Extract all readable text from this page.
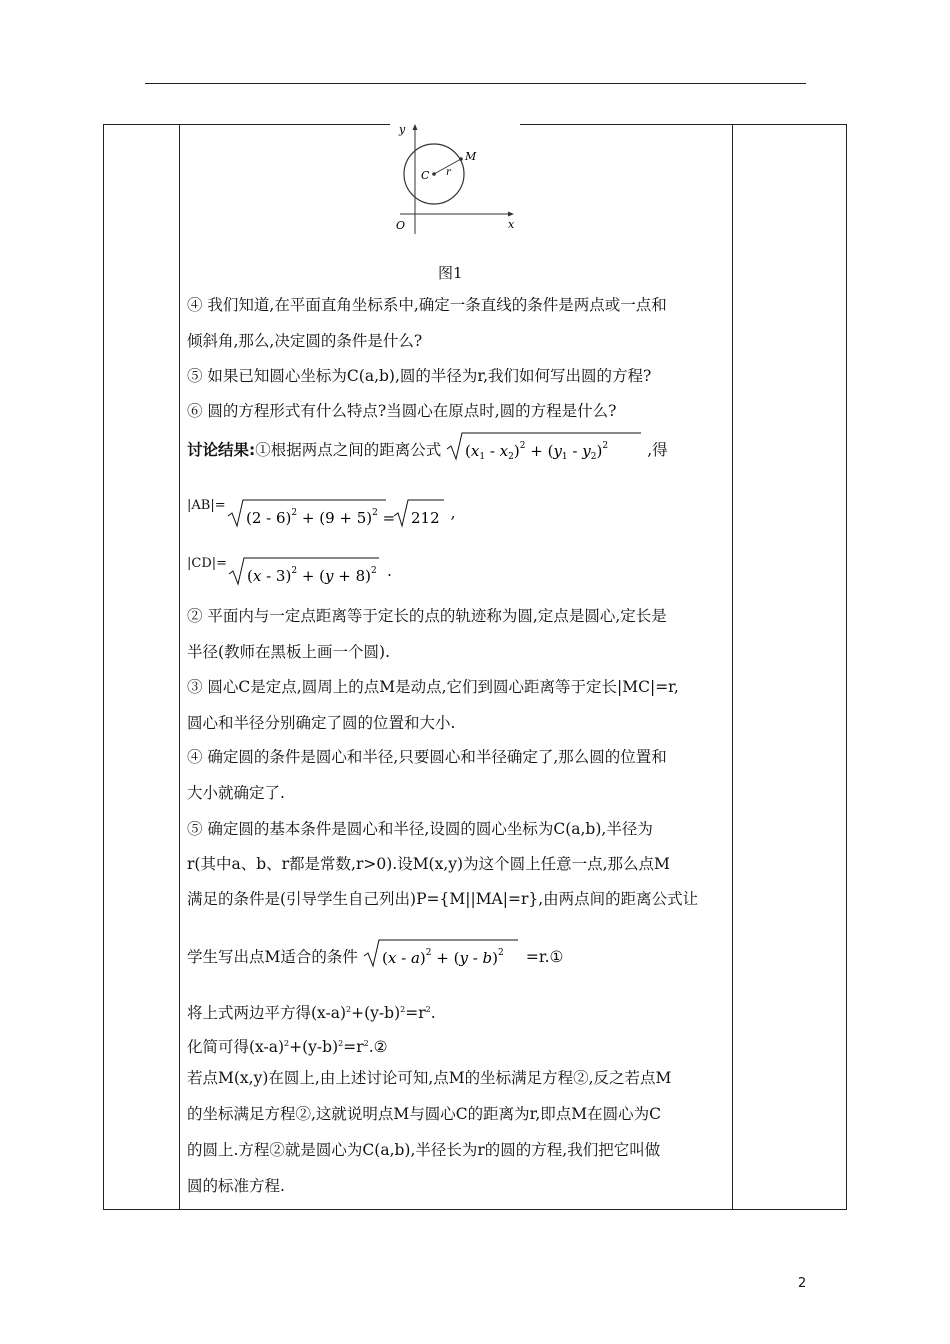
y
x
O
C r
M
图1
④ 我们知道,在平面直角坐标系中,确定一条直线的条件是两点或一点和
倾斜角,那么,决定圆的条件是什么?
⑤ 如果已知圆心坐标为C(a,b),圆的半径为r,我们如何写出圆的方程?
⑥ 圆的方程形式有什么特点?当圆心在原点时,圆的方程是什么?
讨论结果: ①根据两点之间的距离公式 $(x_1 - x_2)^2 + (y_1 - y_2)^2$	,得
|AB|=
$(2 - 6)^2 + (9 + 5)^2 = 212$ ,
|CD|=
$(x - 3)^2 + (y + 8)^2$ .
② 平面内与一定点距离等于定长的点的轨迹称为圆,定点是圆心,定长是
半径(教师在黑板上画一个圆).
③ 圆心C是定点,圆周上的点M是动点,它们到圆心距离等于定长|MC|=r,
圆心和半径分别确定了圆的位置和大小.
④ 确定圆的条件是圆心和半径,只要圆心和半径确定了,那么圆的位置和
大小就确定了.
⑤ 确定圆的基本条件是圆心和半径,设圆的圆心坐标为C(a,b),半径为
r(其中a、b、r都是常数,r>0).设M(x,y)为这个圆上任意一点,那么点M
满足的条件是(引导学生自己列出)P={M||MA|=r},由两点间的距离公式让
学生写出点M适合的条件 (x - a)$^2$ + (y - b)$^2$ =r.①
将上式两边平方得$(x-a)^2+(y-b)^2=r^2$.
化简可得$(x-a)^2+(y-b)^2=r^2.②$
若点M(x,y)在圆上,由上述讨论可知,点M的坐标满足方程②,反之若点M
的坐标满足方程②,这就说明点M与圆心C的距离为r,即点M在圆心为C
的圆上.方程②就是圆心为C(a,b),半径长为r的圆的方程,我们把它叫做
圆的标准方程.
2
